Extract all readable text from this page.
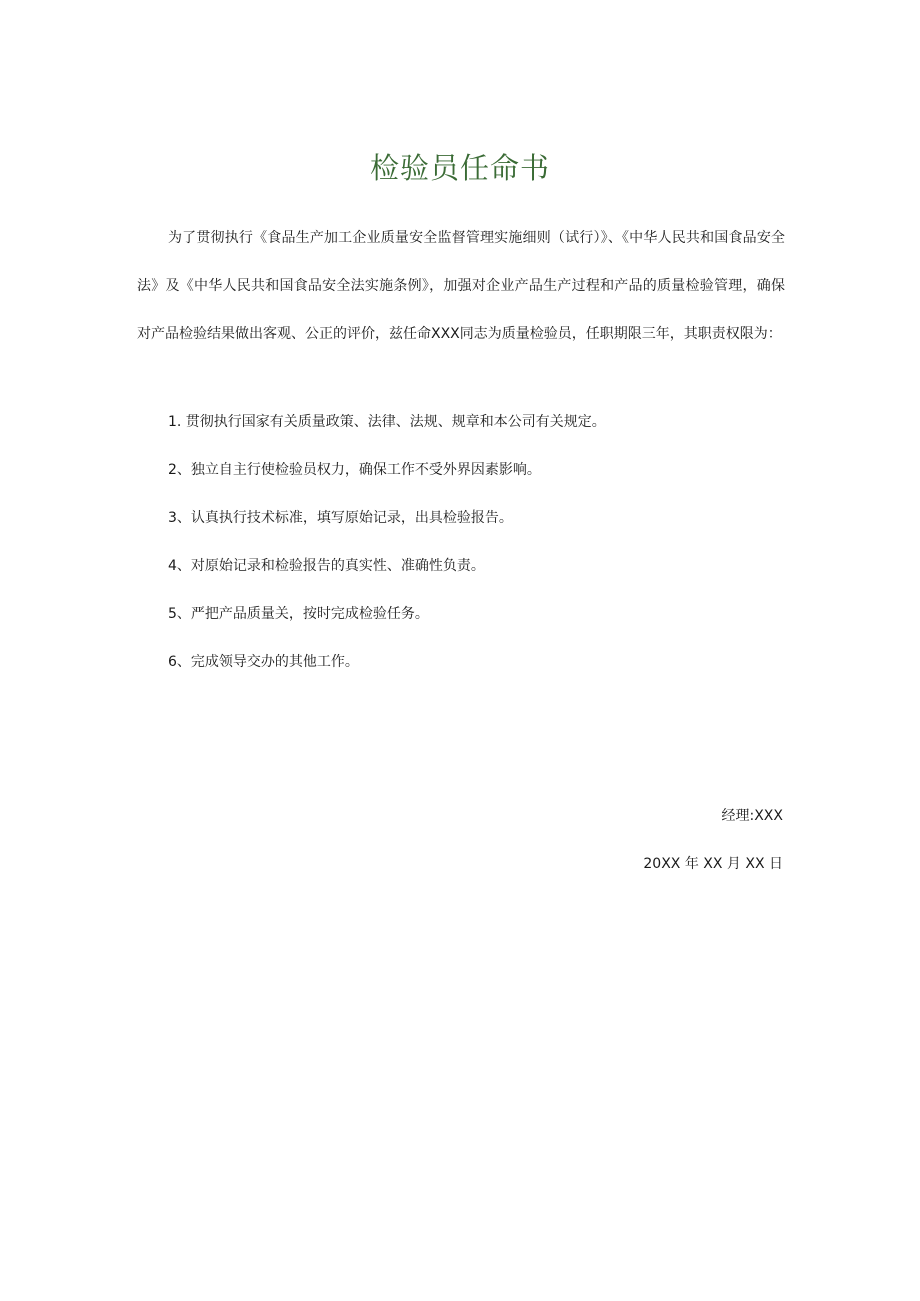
检验员任命书

为了贯彻执行《食品生产加工企业质量安全监督管理实施细则（试行）》、《中华人民共和国食品安全法》及《中华人民共和国食品安全法实施条例》，加强对企业产品生产过程和产品的质量检验管理，确保对产品检验结果做出客观、公正的评价，兹任命XXX同志为质量检验员，任职期限三年，其职责权限为：

1. 贯彻执行国家有关质量政策、法律、法规、规章和本公司有关规定。
2、独立自主行使检验员权力，确保工作不受外界因素影响。
3、认真执行技术标准，填写原始记录，出具检验报告。
4、对原始记录和检验报告的真实性、准确性负责。
5、严把产品质量关，按时完成检验任务。
6、完成领导交办的其他工作。
经理:XXX
20XX 年 XX 月 XX 日
